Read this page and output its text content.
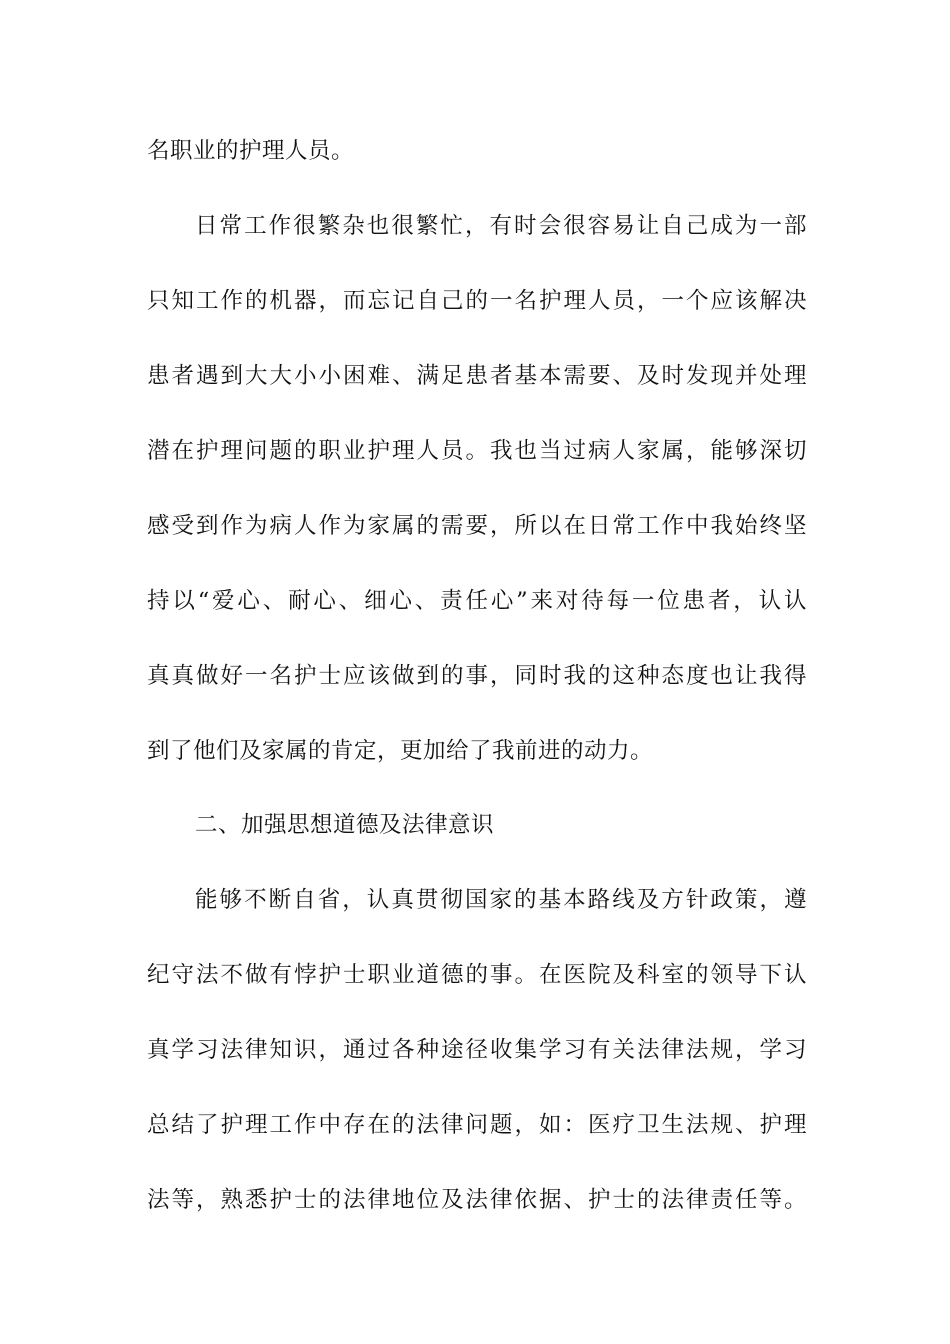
名职业的护理人员。
日常工作很繁杂也很繁忙，有时会很容易让自己成为一部
只知工作的机器，而忘记自己的一名护理人员，一个应该解决
患者遇到大大小小困难、满足患者基本需要、及时发现并处理
潜在护理问题的职业护理人员。我也当过病人家属，能够深切
感受到作为病人作为家属的需要，所以在日常工作中我始终坚
持以“爱心、耐心、细心、责任心”来对待每一位患者，认认
真真做好一名护士应该做到的事，同时我的这种态度也让我得
到了他们及家属的肯定，更加给了我前进的动力。
二、加强思想道德及法律意识
能够不断自省，认真贯彻国家的基本路线及方针政策，遵
纪守法不做有悖护士职业道德的事。在医院及科室的领导下认
真学习法律知识，通过各种途径收集学习有关法律法规，学习
总结了护理工作中存在的法律问题，如：医疗卫生法规、护理
法等，熟悉护士的法律地位及法律依据、护士的法律责任等。
